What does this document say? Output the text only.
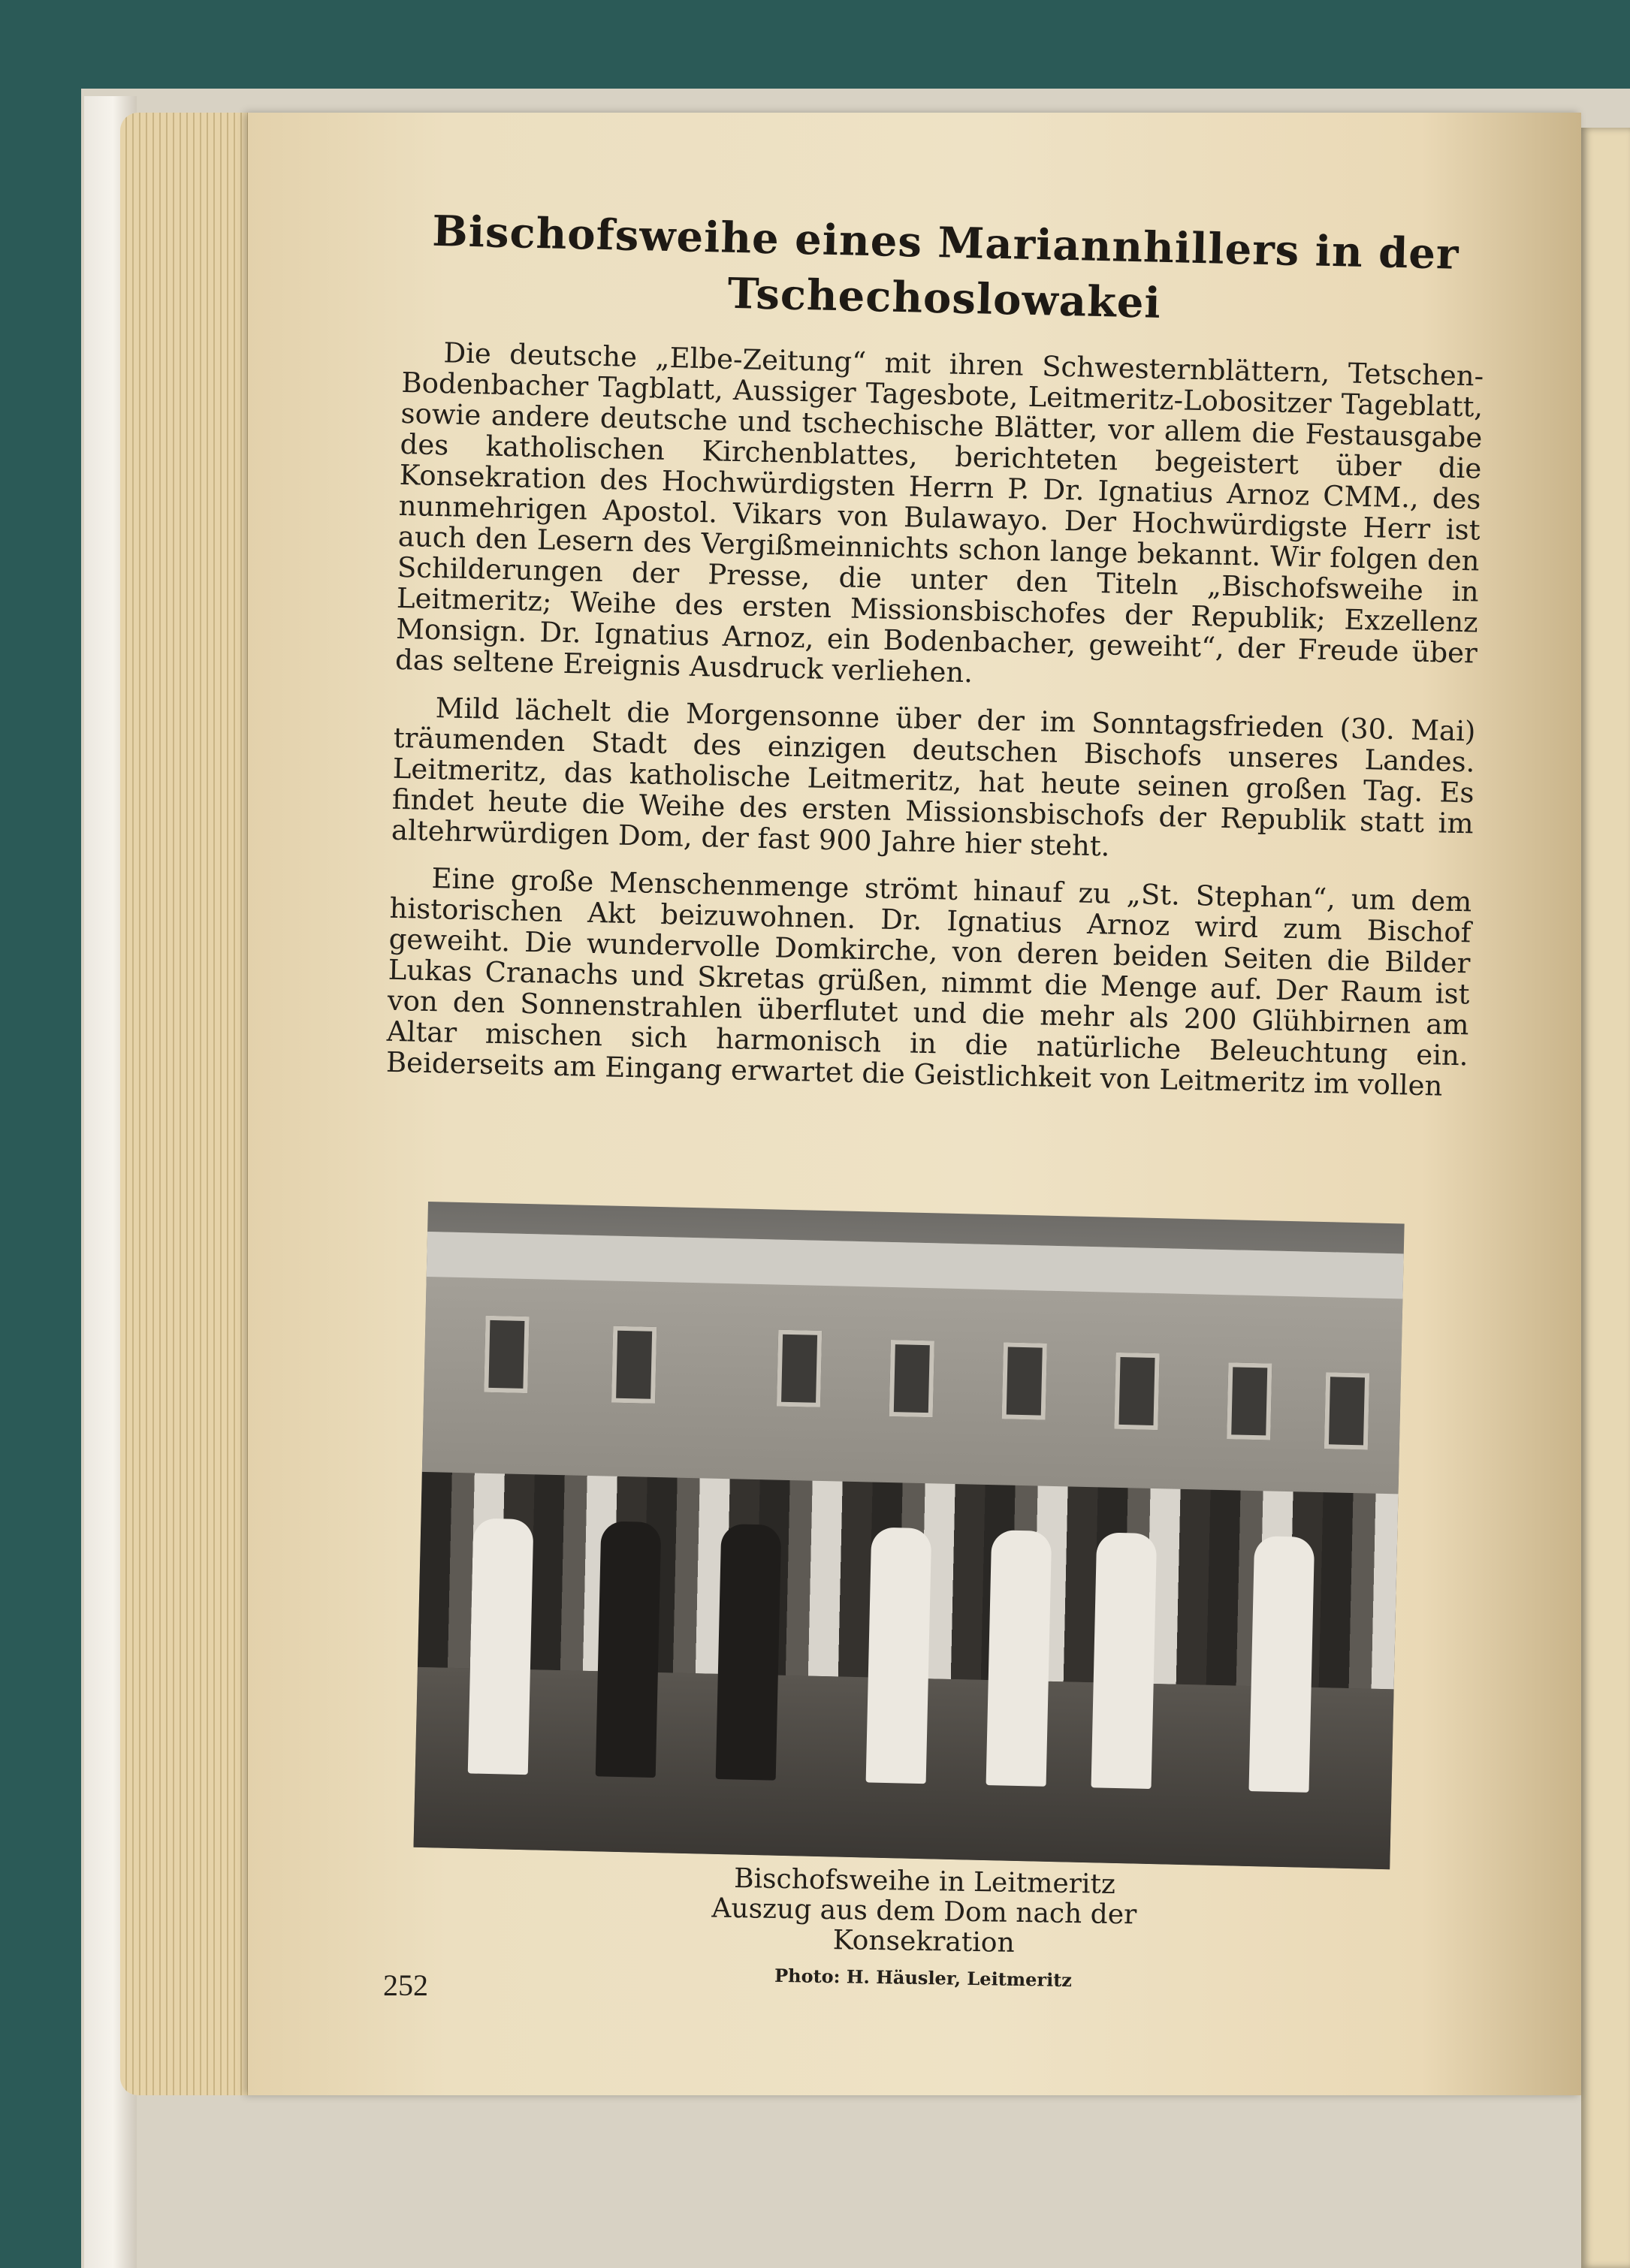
Bischofsweihe eines Mariannhillers in der Tschechoslowakei

Die deutsche „Elbe-Zeitung“ mit ihren Schwesternblättern, Tetschen-Bodenbacher Tagblatt, Aussiger Tagesbote, Leitmeritz-Lobositzer Tageblatt, sowie andere deutsche und tschechische Blätter, vor allem die Festausgabe des katholischen Kirchenblattes, berichteten begeistert über die Konsekration des Hochwürdigsten Herrn P. Dr. Ignatius Arnoz CMM., des nunmehrigen Apostol. Vikars von Bulawayo. Der Hochwürdigste Herr ist auch den Lesern des Vergißmeinnichts schon lange bekannt. Wir folgen den Schilderungen der Presse, die unter den Titeln „Bischofsweihe in Leitmeritz; Weihe des ersten Missionsbischofes der Republik; Exzellenz Monsign. Dr. Ignatius Arnoz, ein Bodenbacher, geweiht“, der Freude über das seltene Ereignis Ausdruck verliehen.

Mild lächelt die Morgensonne über der im Sonntagsfrieden (30. Mai) träumenden Stadt des einzigen deutschen Bischofs unseres Landes. Leitmeritz, das katholische Leitmeritz, hat heute seinen großen Tag. Es findet heute die Weihe des ersten Missionsbischofs der Republik statt im altehrwürdigen Dom, der fast 900 Jahre hier steht.

Eine große Menschenmenge strömt hinauf zu „St. Stephan“, um dem historischen Akt beizuwohnen. Dr. Ignatius Arnoz wird zum Bischof geweiht. Die wundervolle Domkirche, von deren beiden Seiten die Bilder Lukas Cranachs und Skretas grüßen, nimmt die Menge auf. Der Raum ist von den Sonnenstrahlen überflutet und die mehr als 200 Glühbirnen am Altar mischen sich harmonisch in die natürliche Beleuchtung ein. Beiderseits am Eingang erwartet die Geistlichkeit von Leitmeritz im vollen

Bischofsweihe in Leitmeritz
Auszug aus dem Dom nach der Konsekration
Photo: H. Häusler, Leitmeritz
252
